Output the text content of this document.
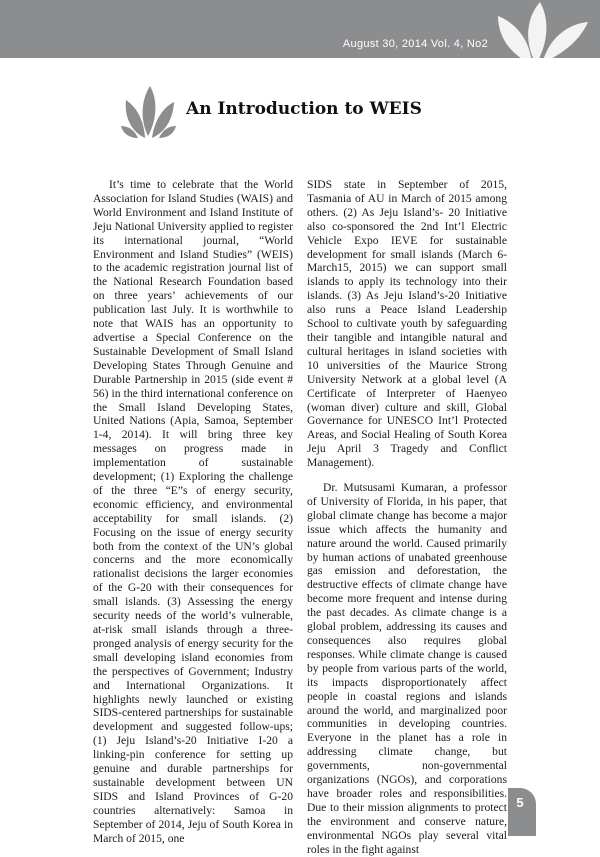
August 30, 2014 Vol. 4, No2
An Introduction to WEIS

It’s time to celebrate that the World Association for Island Studies (WAIS) and World Environment and Island Institute of Jeju National University applied to register its international journal, “World Environment and Island Studies” (WEIS) to the academic registration journal list of the National Research Foundation based on three years’ achievements of our publication last July. It is worthwhile to note that WAIS has an opportunity to advertise a Special Conference on the Sustainable Development of Small Island Developing States Through Genuine and Durable Partnership in 2015 (side event # 56) in the third international conference on the Small Island Developing States, United Nations (Apia, Samoa, September 1-4, 2014). It will bring three key messages on progress made in implementation of sustainable development; (1) Exploring the challenge of the three “E”s of energy security, economic efficiency, and environmental acceptability for small islands. (2) Focusing on the issue of energy security both from the context of the UN’s global concerns and the more economically rationalist decisions the larger economies of the G-20 with their consequences for small islands. (3) Assessing the energy security needs of the world’s vulnerable, at-risk small islands through a three-pronged analysis of energy security for the small developing island economies from the perspectives of Government; Industry and International Organizations. It highlights newly launched or existing SIDS-centered partnerships for sustainable development and suggested follow-ups; (1) Jeju Island’s-20 Initiative I-20 a linking-pin conference for setting up genuine and durable partnerships for sustainable development between UN SIDS and Island Provinces of G-20 countries alternatively: Samoa in September of 2014, Jeju of South Korea in March of 2015, one

SIDS state in September of 2015, Tasmania of AU in March of 2015 among others. (2) As Jeju Island’s- 20 Initiative also co-sponsored the 2nd Int’l Electric Vehicle Expo IEVE for sustainable development for small islands (March 6-March15, 2015) we can support small islands to apply its technology into their islands. (3) As Jeju Island’s-20 Initiative also runs a Peace Island Leadership School to cultivate youth by safeguarding their tangible and intangible natural and cultural heritages in island societies with 10 universities of the Maurice Strong University Network at a global level (A Certificate of Interpreter of Haenyeo (woman diver) culture and skill, Global Governance for UNESCO Int’l Protected Areas, and Social Healing of South Korea Jeju April 3 Tragedy and Conflict Management).

Dr. Mutsusami Kumaran, a professor of University of Florida, in his paper, that global climate change has become a major issue which affects the humanity and nature around the world. Caused primarily by human actions of unabated greenhouse gas emission and deforestation, the destructive effects of climate change have become more frequent and intense during the past decades. As climate change is a global problem, addressing its causes and consequences also requires global responses. While climate change is caused by people from various parts of the world, its impacts disproportionately affect people in coastal regions and islands around the world, and marginalized poor communities in developing countries. Everyone in the planet has a role in addressing climate change, but governments, non-governmental organizations (NGOs), and corporations have broader roles and responsibilities. Due to their mission alignments to protect the environment and conserve nature, environmental NGOs play several vital roles in the fight against

5
